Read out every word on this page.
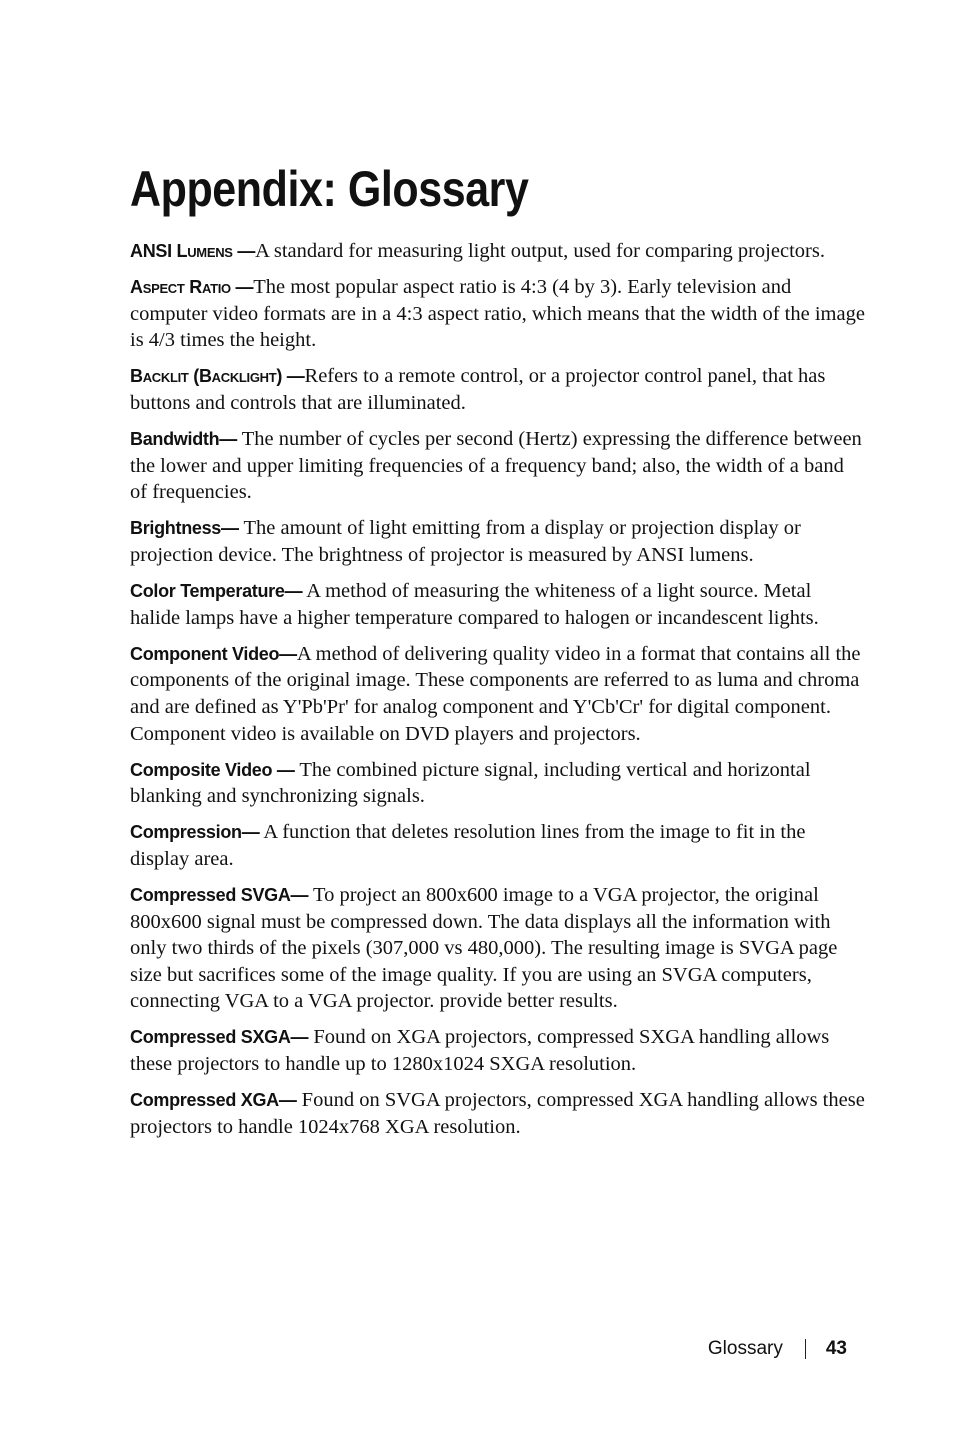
Appendix: Glossary

ANSI Lumens —A standard for measuring light output, used for comparing projectors.

Aspect Ratio —The most popular aspect ratio is 4:3 (4 by 3). Early television and computer video formats are in a 4:3 aspect ratio, which means that the width of the image is 4/3 times the height.

Backlit (Backlight) —Refers to a remote control, or a projector control panel, that has buttons and controls that are illuminated.

Bandwidth— The number of cycles per second (Hertz) expressing the difference between the lower and upper limiting frequencies of a frequency band; also, the width of a band of frequencies.

Brightness— The amount of light emitting from a display or projection display or projection device. The brightness of projector is measured by ANSI lumens.

Color Temperature— A method of measuring the whiteness of a light source. Metal halide lamps have a higher temperature compared to halogen or incandescent lights.

Component Video—A method of delivering quality video in a format that contains all the components of the original image. These components are referred to as luma and chroma and are defined as Y'Pb'Pr' for analog component and Y'Cb'Cr' for digital component. Component video is available on DVD players and projectors.

Composite Video — The combined picture signal, including vertical and horizontal blanking and synchronizing signals.

Compression— A function that deletes resolution lines from the image to fit in the display area.

Compressed SVGA— To project an 800x600 image to a VGA projector, the original 800x600 signal must be compressed down. The data displays all the information with only two thirds of the pixels (307,000 vs 480,000). The resulting image is SVGA page size but sacrifices some of the image quality. If you are using an SVGA computers, connecting VGA to a VGA projector. provide better results.

Compressed SXGA— Found on XGA projectors, compressed SXGA handling allows these projectors to handle up to 1280x1024 SXGA resolution.

Compressed XGA— Found on SVGA projectors, compressed XGA handling allows these projectors to handle 1024x768 XGA resolution.

Glossary 43
